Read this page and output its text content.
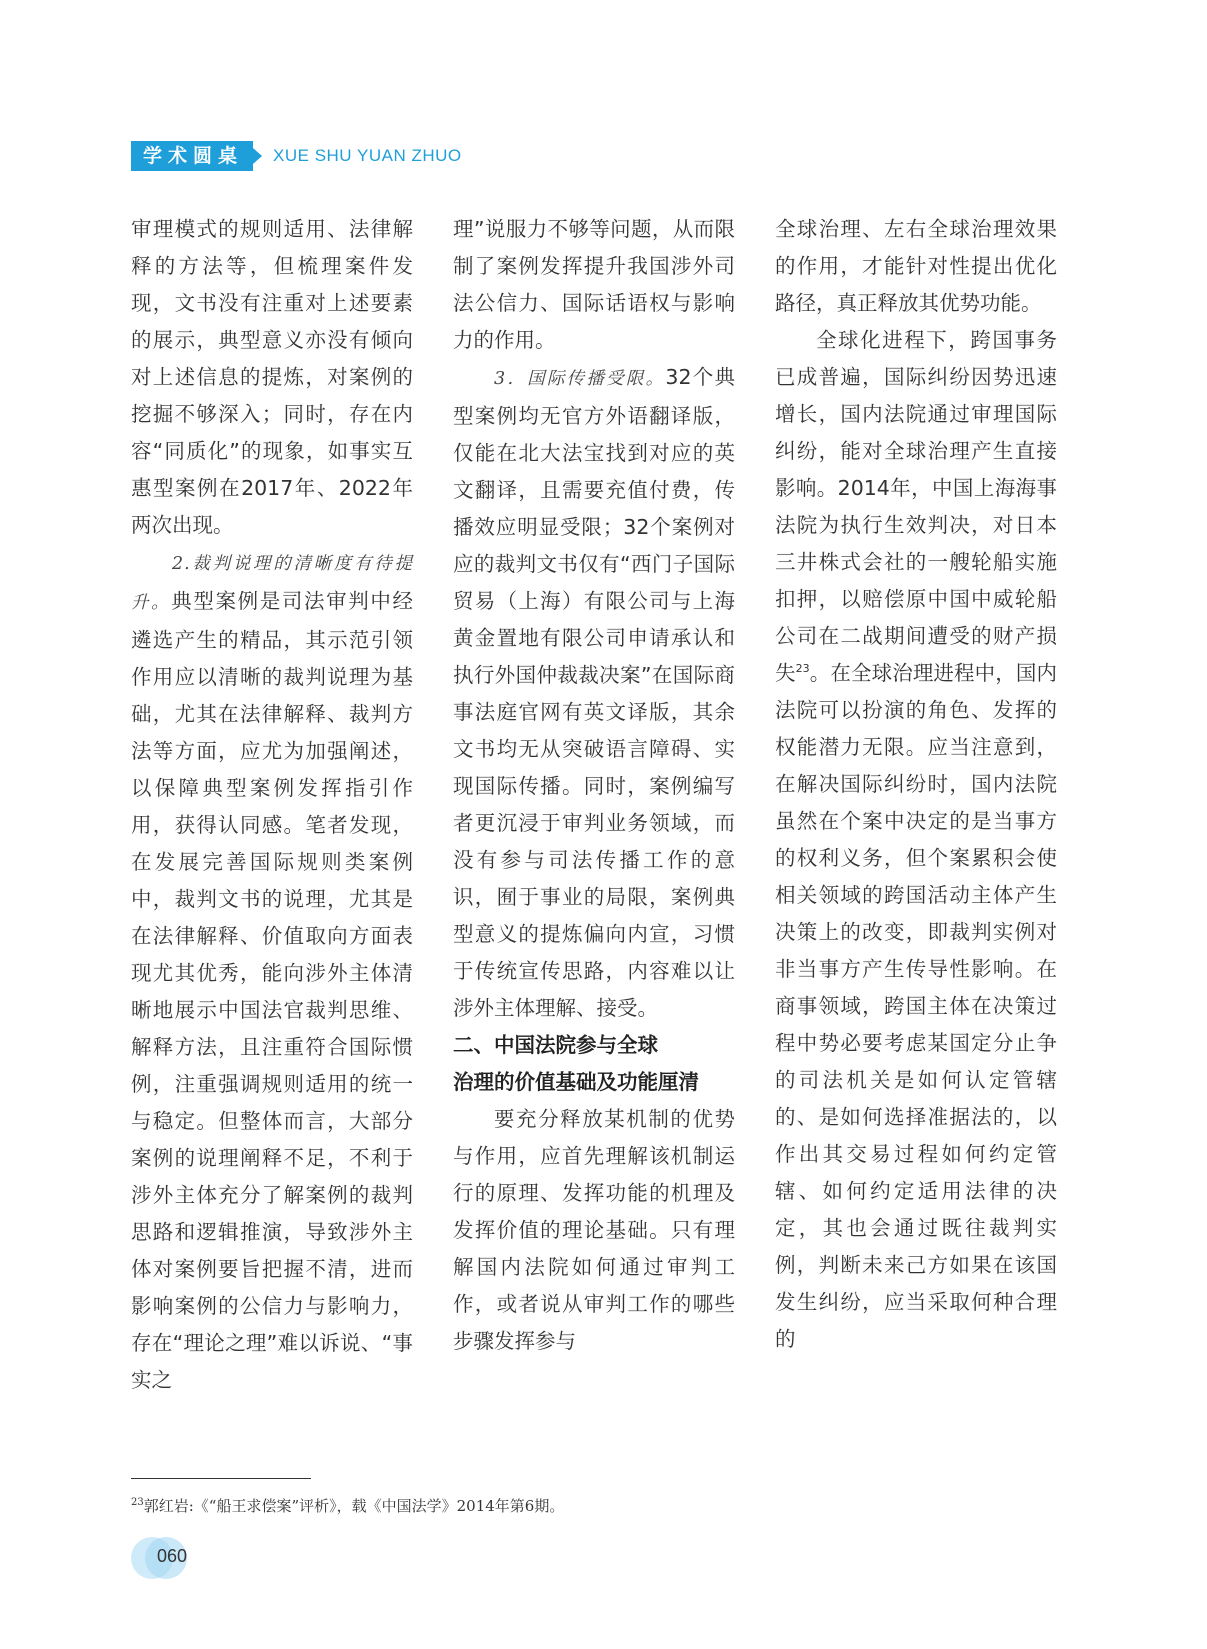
学术圆桌	XUE SHU YUAN ZHUO

审理模式的规则适用、法律解释的方法等，但梳理案件发现，文书没有注重对上述要素的展示，典型意义亦没有倾向对上述信息的提炼，对案例的挖掘不够深入；同时，存在内容“同质化”的现象，如事实互惠型案例在2017年、2022年两次出现。

2.裁判说理的清晰度有待提升。典型案例是司法审判中经遴选产生的精品，其示范引领作用应以清晰的裁判说理为基础，尤其在法律解释、裁判方法等方面，应尤为加强阐述，以保障典型案例发挥指引作用，获得认同感。笔者发现，在发展完善国际规则类案例中，裁判文书的说理，尤其是在法律解释、价值取向方面表现尤其优秀，能向涉外主体清晰地展示中国法官裁判思维、解释方法，且注重符合国际惯例，注重强调规则适用的统一与稳定。但整体而言，大部分案例的说理阐释不足，不利于涉外主体充分了解案例的裁判思路和逻辑推演，导致涉外主体对案例要旨把握不清，进而影响案例的公信力与影响力，存在“理论之理”难以诉说、“事实之

理”说服力不够等问题，从而限制了案例发挥提升我国涉外司法公信力、国际话语权与影响力的作用。

3．国际传播受限。32个典型案例均无官方外语翻译版，仅能在北大法宝找到对应的英文翻译，且需要充值付费，传播效应明显受限；32个案例对应的裁判文书仅有“西门子国际贸易（上海）有限公司与上海黄金置地有限公司申请承认和执行外国仲裁裁决案”在国际商事法庭官网有英文译版，其余文书均无从突破语言障碍、实现国际传播。同时，案例编写者更沉浸于审判业务领域，而没有参与司法传播工作的意识，囿于事业的局限，案例典型意义的提炼偏向内宣，习惯于传统宣传思路，内容难以让涉外主体理解、接受。

二、中国法院参与全球

治理的价值基础及功能厘清

要充分释放某机制的优势与作用，应首先理解该机制运行的原理、发挥功能的机理及发挥价值的理论基础。只有理解国内法院如何通过审判工作，或者说从审判工作的哪些步骤发挥参与

全球治理、左右全球治理效果的作用，才能针对性提出优化路径，真正释放其优势功能。

全球化进程下，跨国事务已成普遍，国际纠纷因势迅速增长，国内法院通过审理国际纠纷，能对全球治理产生直接影响。2014年，中国上海海事法院为执行生效判决，对日本三井株式会社的一艘轮船实施扣押，以赔偿原中国中威轮船公司在二战期间遭受的财产损失$^{23}$。在全球治理进程中，国内法院可以扮演的角色、发挥的权能潜力无限。应当注意到，在解决国际纠纷时，国内法院虽然在个案中决定的是当事方的权利义务，但个案累积会使相关领域的跨国活动主体产生决策上的改变，即裁判实例对非当事方产生传导性影响。在商事领域，跨国主体在决策过程中势必要考虑某国定分止争的司法机关是如何认定管辖的、是如何选择准据法的，以作出其交易过程如何约定管辖、如何约定适用法律的决定，其也会通过既往裁判实例，判断未来己方如果在该国发生纠纷，应当采取何种合理的

$^{23}$郭红岩:《“船王求偿案”评析》，载《中国法学》2014年第6期。
060
